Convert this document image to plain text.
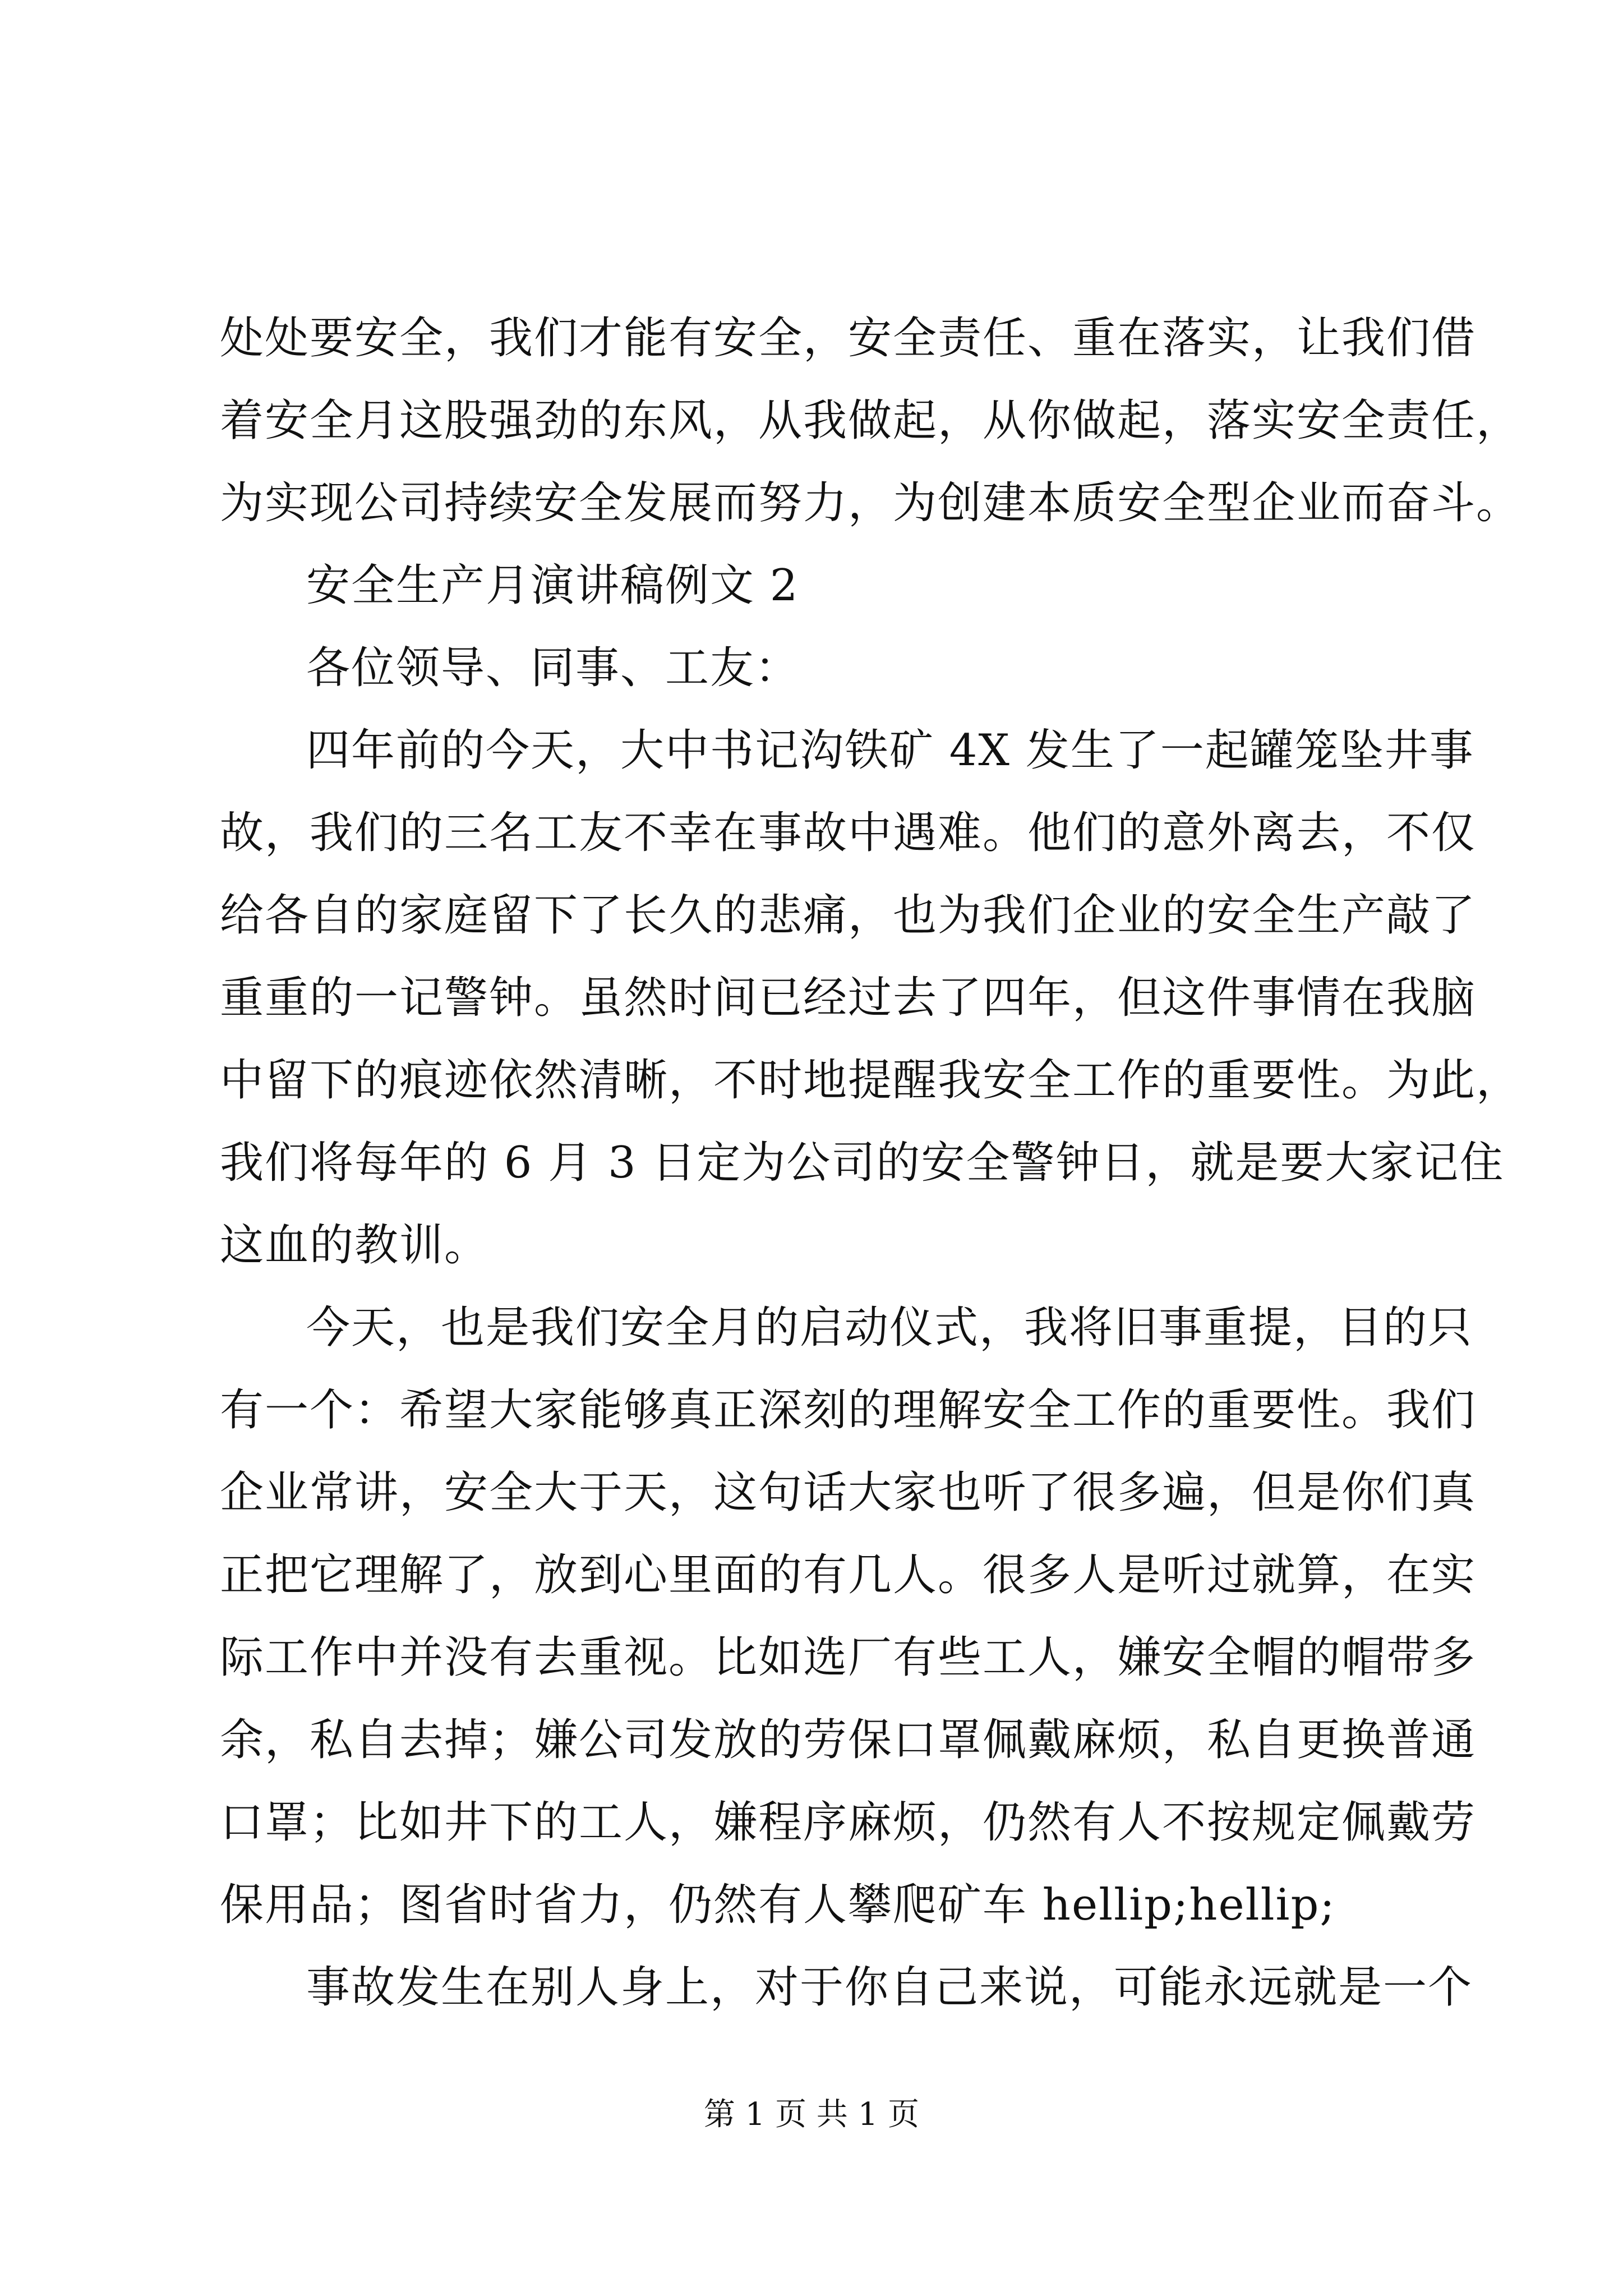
处处要安全，我们才能有安全，安全责任、重在落实，让我们借
着安全月这股强劲的东风，从我做起，从你做起，落实安全责任，
为实现公司持续安全发展而努力，为创建本质安全型企业而奋斗。
安全生产月演讲稿例文 2
各位领导、同事、工友：
四年前的今天，大中书记沟铁矿 4X 发生了一起罐笼坠井事
故，我们的三名工友不幸在事故中遇难。他们的意外离去，不仅
给各自的家庭留下了长久的悲痛，也为我们企业的安全生产敲了
重重的一记警钟。虽然时间已经过去了四年，但这件事情在我脑
中留下的痕迹依然清晰，不时地提醒我安全工作的重要性。为此，
我们将每年的 6 月 3 日定为公司的安全警钟日，就是要大家记住
这血的教训。
今天，也是我们安全月的启动仪式，我将旧事重提，目的只
有一个：希望大家能够真正深刻的理解安全工作的重要性。我们
企业常讲，安全大于天，这句话大家也听了很多遍，但是你们真
正把它理解了，放到心里面的有几人。很多人是听过就算，在实
际工作中并没有去重视。比如选厂有些工人，嫌安全帽的帽带多
余，私自去掉；嫌公司发放的劳保口罩佩戴麻烦，私自更换普通
口罩；比如井下的工人，嫌程序麻烦，仍然有人不按规定佩戴劳
保用品；图省时省力，仍然有人攀爬矿车 hellip;hellip;
事故发生在别人身上，对于你自己来说，可能永远就是一个
第 1 页 共 1 页
